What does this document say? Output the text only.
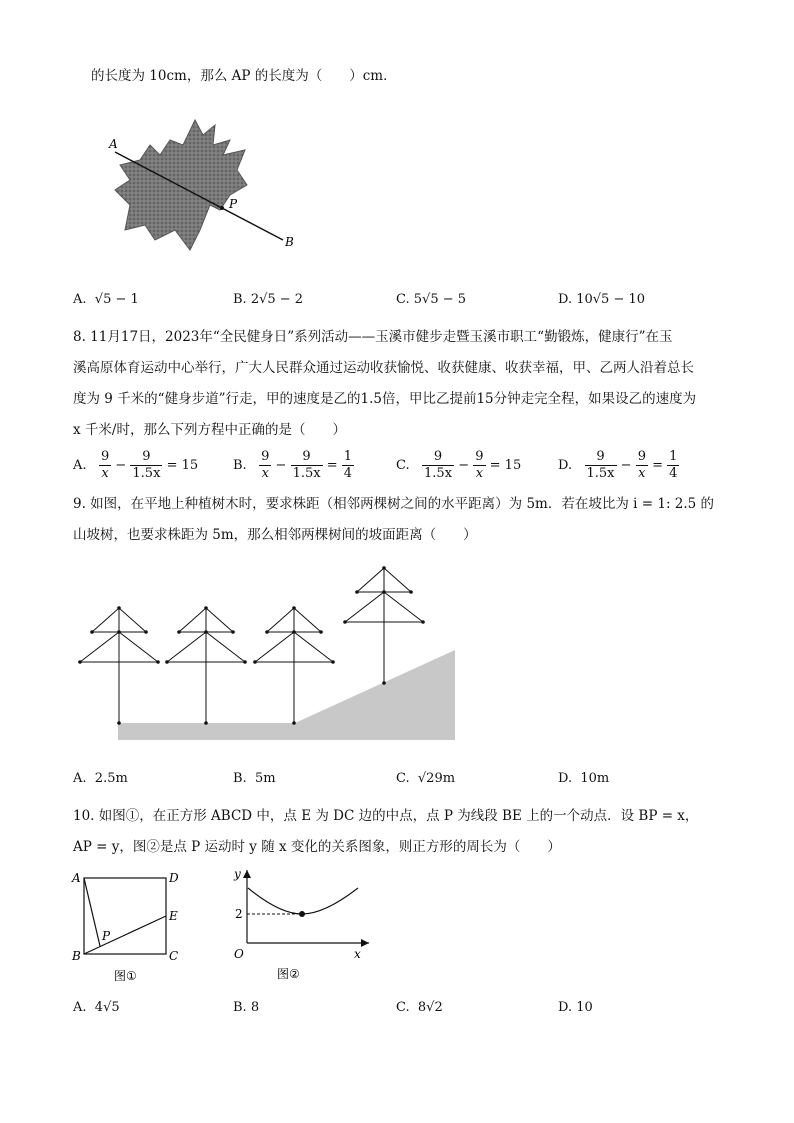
的长度为 10cm，那么 AP 的长度为（　　）cm．
A
P
B
A. √5 − 1	B. 2√5 − 2	C. 5√5 − 5	D. 10√5 − 10
8. 11月17日，2023年“全民健身日”系列活动——玉溪市健步走暨玉溪市职工“勤锻炼，健康行”在玉
溪高原体育运动中心举行，广大人民群众通过运动收获愉悦、收获健康、收获幸福，甲、乙两人沿着总长
度为 9 千米的“健身步道”行走，甲的速度是乙的1.5倍，甲比乙提前15分钟走完全程，如果设乙的速度为
x 千米/时，那么下列方程中正确的是（　　）
A. $\frac{9}{x} - \frac{9}{1.5x} = 15$	B. $\frac{9}{x} - \frac{9}{1.5x} = \frac{1}{4}$	C. $\frac{9}{1.5x} - \frac{9}{x} = 15$	D. $\frac{9}{1.5x} - \frac{9}{x} = \frac{1}{4}$
9. 如图，在平地上种植树木时，要求株距（相邻两棵树之间的水平距离）为 5m．若在坡比为 i = 1: 2.5 的
山坡树，也要求株距为 5m，那么相邻两棵树间的坡面距离（　　）
A. 2.5m	B. 5m	C. √29m	D. 10m
10. 如图①，在正方形 ABCD 中，点 E 为 DC 边的中点，点 P 为线段 BE 上的一个动点．设 BP = x，
AP = y，图②是点 P 运动时 y 随 x 变化的关系图象，则正方形的周长为（　　）
A	D
E
P
B	C
图①
y
2
O	x
图②
A. 4√5	B. 8	C. 8√2	D. 10
